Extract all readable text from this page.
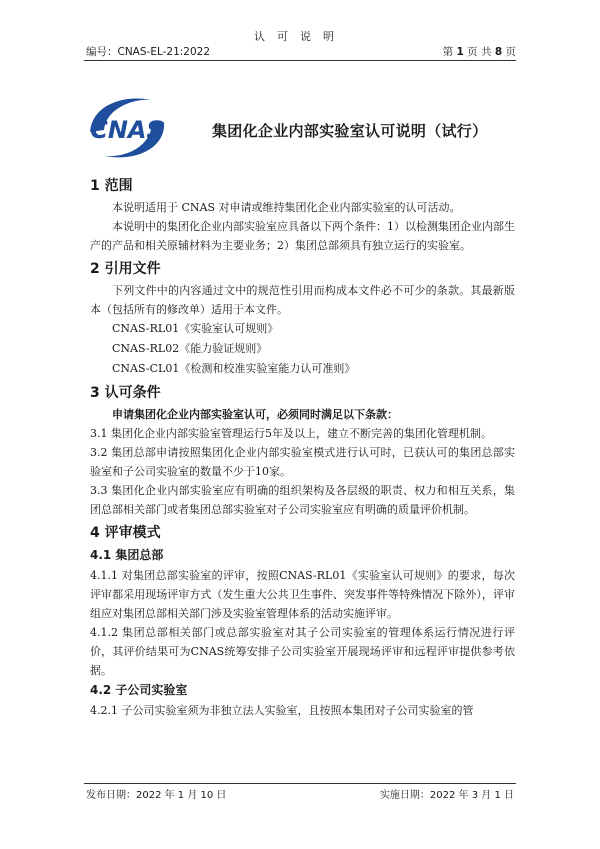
认可说明
编号：CNAS-EL-21:2022	第 1 页 共 8 页
CNAS	集团化企业内部实验室认可说明（试行）
1 范围

本说明适用于 CNAS 对申请或维持集团化企业内部实验室的认可活动。

本说明中的集团化企业内部实验室应具备以下两个条件：1）以检测集团企业内部生产的产品和相关原辅材料为主要业务；2）集团总部须具有独立运行的实验室。

2 引用文件

下列文件中的内容通过文中的规范性引用而构成本文件必不可少的条款。其最新版本（包括所有的修改单）适用于本文件。

CNAS-RL01《实验室认可规则》

CNAS-RL02《能力验证规则》

CNAS-CL01《检测和校准实验室能力认可准则》

3 认可条件

申请集团化企业内部实验室认可，必须同时满足以下条款：

3.1 集团化企业内部实验室管理运行5年及以上，建立不断完善的集团化管理机制。

3.2 集团总部申请按照集团化企业内部实验室模式进行认可时，已获认可的集团总部实验室和子公司实验室的数量不少于10家。

3.3 集团化企业内部实验室应有明确的组织架构及各层级的职责、权力和相互关系，集团总部相关部门或者集团总部实验室对子公司实验室应有明确的质量评价机制。

4 评审模式
4.1 集团总部

4.1.1 对集团总部实验室的评审，按照CNAS-RL01《实验室认可规则》的要求，每次评审都采用现场评审方式（发生重大公共卫生事件、突发事件等特殊情况下除外），评审组应对集团总部相关部门涉及实验室管理体系的活动实施评审。

4.1.2 集团总部相关部门或总部实验室对其子公司实验室的管理体系运行情况进行评价，其评价结果可为CNAS统筹安排子公司实验室开展现场评审和远程评审提供参考依据。

4.2 子公司实验室

4.2.1 子公司实验室须为非独立法人实验室，且按照本集团对子公司实验室的管

发布日期：2022 年 1 月 10 日	实施日期：2022 年 3 月 1 日
